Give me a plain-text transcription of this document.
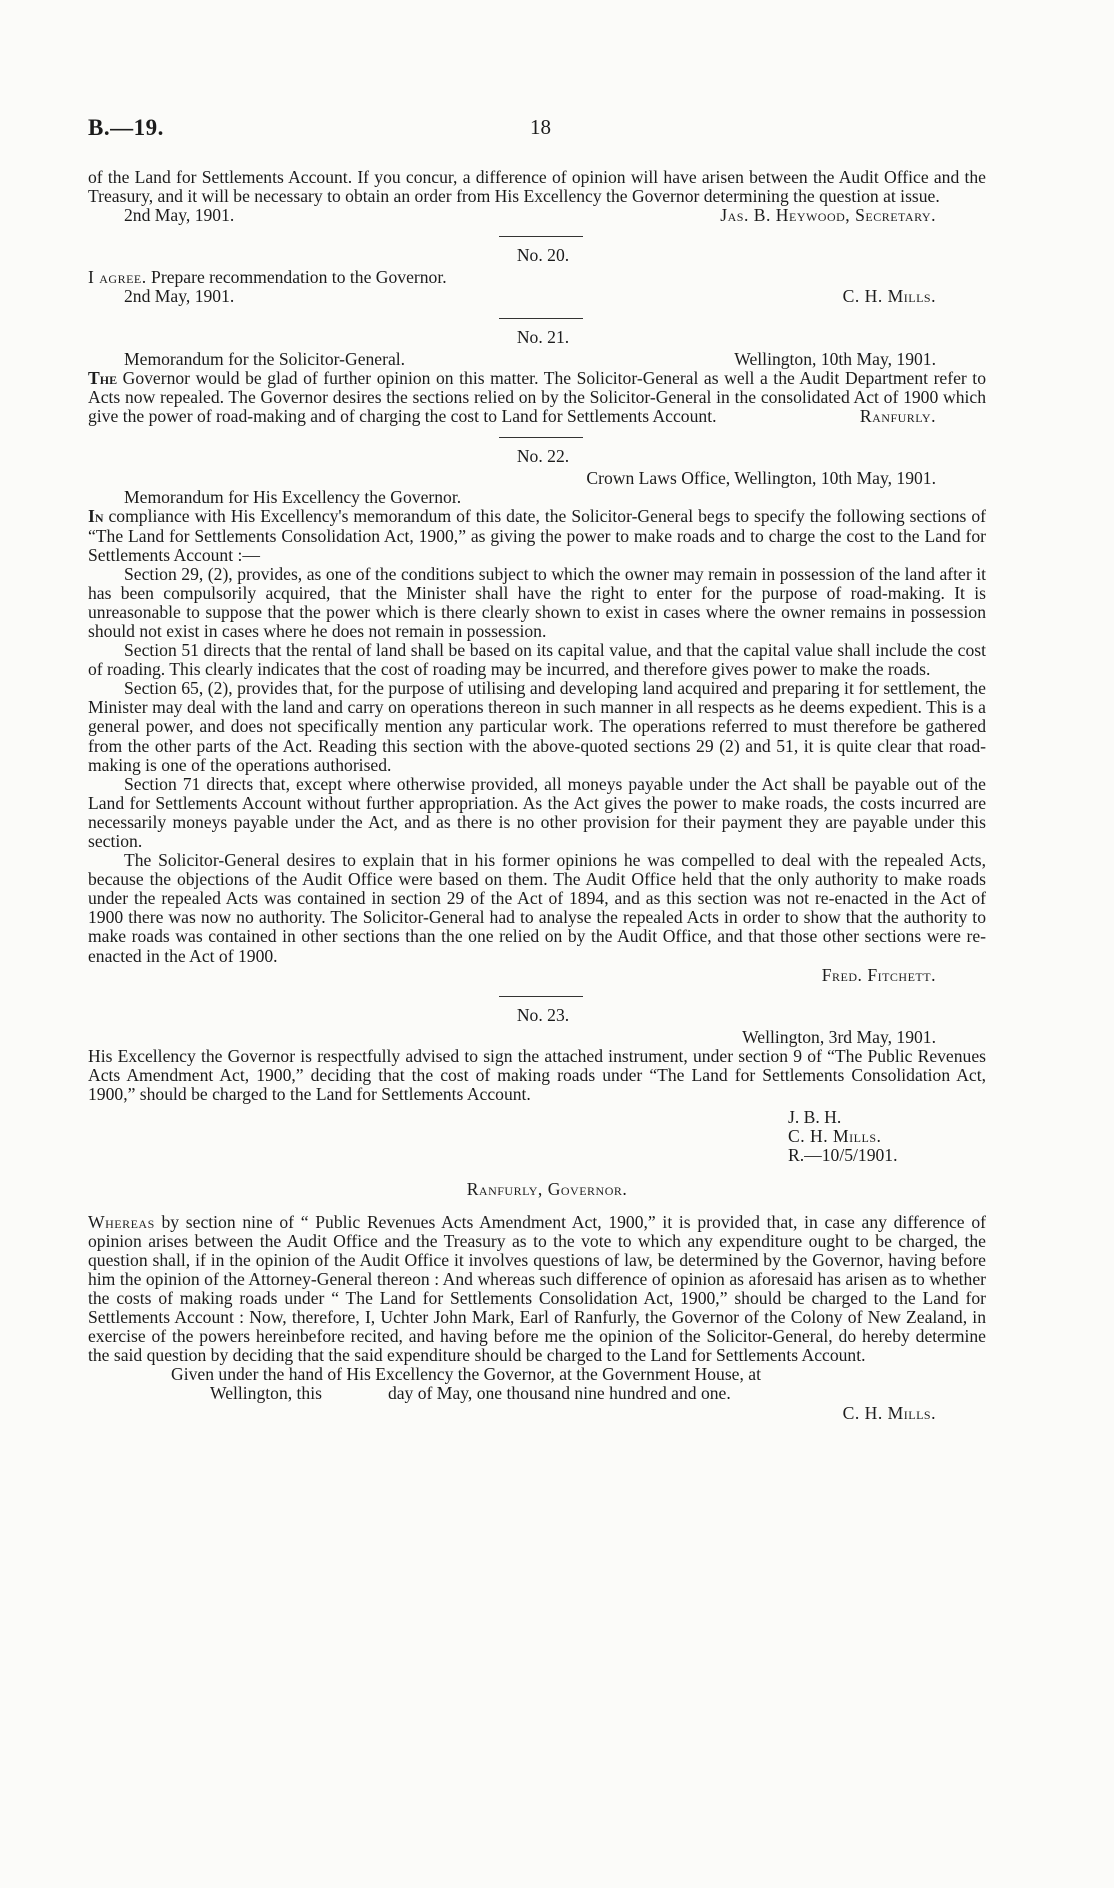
B.—19.	18

of the Land for Settlements Account. If you concur, a difference of opinion will have arisen between the Audit Office and the Treasury, and it will be necessary to obtain an order from His Excellency the Governor determining the question at issue.

2nd May, 1901.	Jas. B. Heywood, Secretary.
No. 20.

I agree. Prepare recommendation to the Governor.

2nd May, 1901.	C. H. Mills.
No. 21.
Memorandum for the Solicitor-General.	Wellington, 10th May, 1901.

The Governor would be glad of further opinion on this matter. The Solicitor-General as well a the Audit Department refer to Acts now repealed. The Governor desires the sections relied on by the Solicitor-General in the consolidated Act of 1900 which give the power of road-making and of charging the cost to Land for Settlements Account.	Ranfurly.
No. 22.
Crown Laws Office, Wellington, 10th May, 1901.
Memorandum for His Excellency the Governor.

In compliance with His Excellency's memorandum of this date, the Solicitor-General begs to specify the following sections of “The Land for Settlements Consolidation Act, 1900,” as giving the power to make roads and to charge the cost to the Land for Settlements Account :—

Section 29, (2), provides, as one of the conditions subject to which the owner may remain in possession of the land after it has been compulsorily acquired, that the Minister shall have the right to enter for the purpose of road-making. It is unreasonable to suppose that the power which is there clearly shown to exist in cases where the owner remains in possession should not exist in cases where he does not remain in possession.

Section 51 directs that the rental of land shall be based on its capital value, and that the capital value shall include the cost of roading. This clearly indicates that the cost of roading may be incurred, and therefore gives power to make the roads.

Section 65, (2), provides that, for the purpose of utilising and developing land acquired and preparing it for settlement, the Minister may deal with the land and carry on operations thereon in such manner in all respects as he deems expedient. This is a general power, and does not specifically mention any particular work. The operations referred to must therefore be gathered from the other parts of the Act. Reading this section with the above-quoted sections 29 (2) and 51, it is quite clear that road-making is one of the operations authorised.

Section 71 directs that, except where otherwise provided, all moneys payable under the Act shall be payable out of the Land for Settlements Account without further appropriation. As the Act gives the power to make roads, the costs incurred are necessarily moneys payable under the Act, and as there is no other provision for their payment they are payable under this section.

The Solicitor-General desires to explain that in his former opinions he was compelled to deal with the repealed Acts, because the objections of the Audit Office were based on them. The Audit Office held that the only authority to make roads under the repealed Acts was contained in section 29 of the Act of 1894, and as this section was not re-enacted in the Act of 1900 there was now no authority. The Solicitor-General had to analyse the repealed Acts in order to show that the authority to make roads was contained in other sections than the one relied on by the Audit Office, and that those other sections were re-enacted in the Act of 1900.

Fred. Fitchett.
No. 23.
Wellington, 3rd May, 1901.

His Excellency the Governor is respectfully advised to sign the attached instrument, under section 9 of “The Public Revenues Acts Amendment Act, 1900,” deciding that the cost of making roads under “The Land for Settlements Consolidation Act, 1900,” should be charged to the Land for Settlements Account.

J. B. H.
C. H. Mills.
R.—10/5/1901.
Ranfurly, Governor.

Whereas by section nine of “ Public Revenues Acts Amendment Act, 1900,” it is provided that, in case any difference of opinion arises between the Audit Office and the Treasury as to the vote to which any expenditure ought to be charged, the question shall, if in the opinion of the Audit Office it involves questions of law, be determined by the Governor, having before him the opinion of the Attorney-General thereon : And whereas such difference of opinion as aforesaid has arisen as to whether the costs of making roads under “ The Land for Settlements Consolidation Act, 1900,” should be charged to the Land for Settlements Account : Now, therefore, I, Uchter John Mark, Earl of Ranfurly, the Governor of the Colony of New Zealand, in exercise of the powers hereinbefore recited, and having before me the opinion of the Solicitor-General, do hereby determine the said question by deciding that the said expenditure should be charged to the Land for Settlements Account.

Given under the hand of His Excellency the Governor, at the Government House, at

Wellington, this               day of May, one thousand nine hundred and one.

C. H. Mills.
